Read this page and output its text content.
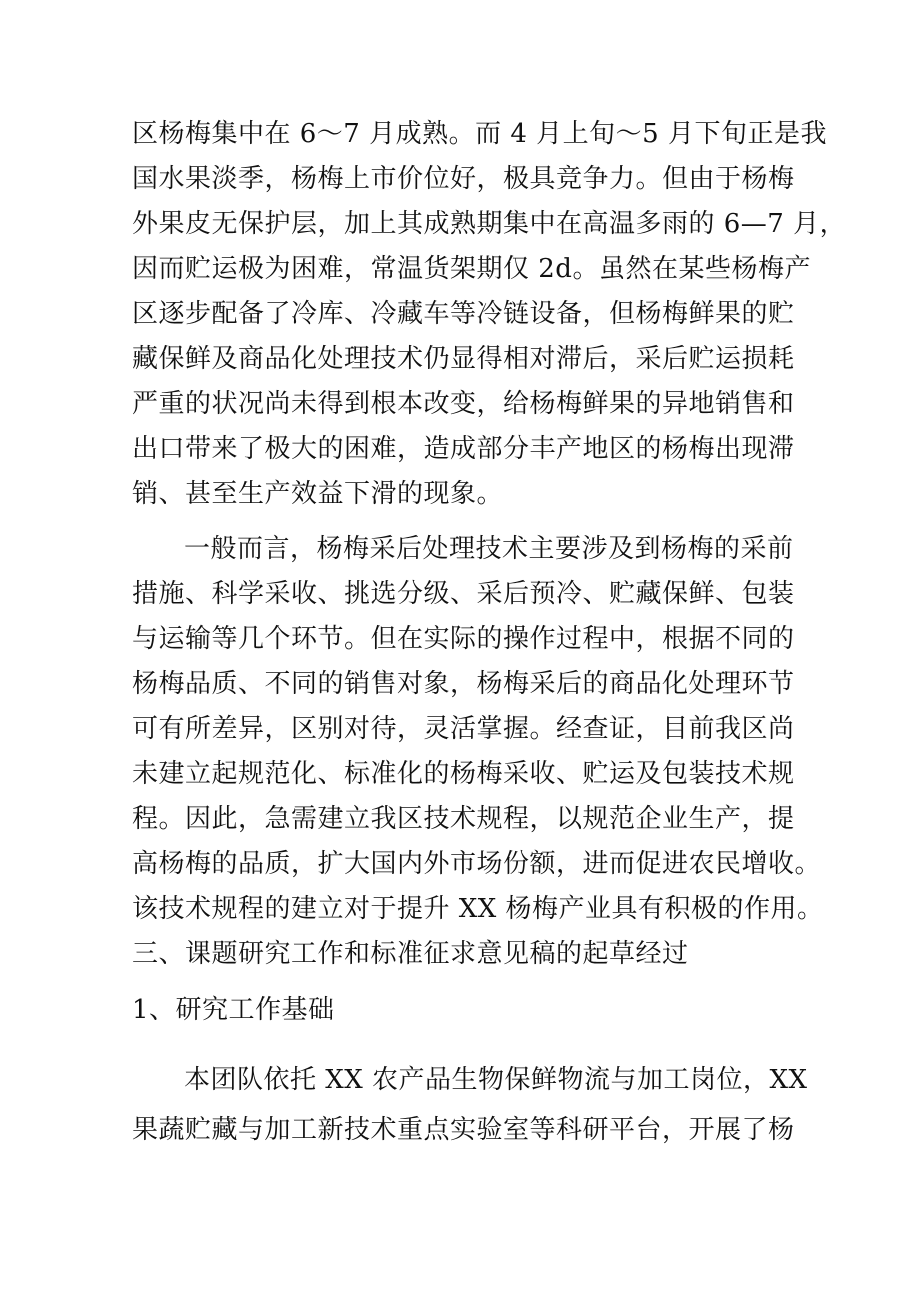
区杨梅集中在 6～7 月成熟。而 4 月上旬～5 月下旬正是我
国水果淡季，杨梅上市价位好，极具竞争力。但由于杨梅
外果皮无保护层，加上其成熟期集中在高温多雨的 6—7 月，
因而贮运极为困难，常温货架期仅 2d。虽然在某些杨梅产
区逐步配备了冷库、冷藏车等冷链设备，但杨梅鲜果的贮
藏保鲜及商品化处理技术仍显得相对滞后，采后贮运损耗
严重的状况尚未得到根本改变，给杨梅鲜果的异地销售和
出口带来了极大的困难，造成部分丰产地区的杨梅出现滞
销、甚至生产效益下滑的现象。
一般而言，杨梅采后处理技术主要涉及到杨梅的采前
措施、科学采收、挑选分级、采后预冷、贮藏保鲜、包装
与运输等几个环节。但在实际的操作过程中，根据不同的
杨梅品质、不同的销售对象，杨梅采后的商品化处理环节
可有所差异，区别对待，灵活掌握。经查证，目前我区尚
未建立起规范化、标准化的杨梅采收、贮运及包装技术规
程。因此，急需建立我区技术规程，以规范企业生产，提
高杨梅的品质，扩大国内外市场份额，进而促进农民增收。
该技术规程的建立对于提升 XX 杨梅产业具有积极的作用。
三、课题研究工作和标准征求意见稿的起草经过
1、研究工作基础
本团队依托 XX 农产品生物保鲜物流与加工岗位，XX
果蔬贮藏与加工新技术重点实验室等科研平台，开展了杨
